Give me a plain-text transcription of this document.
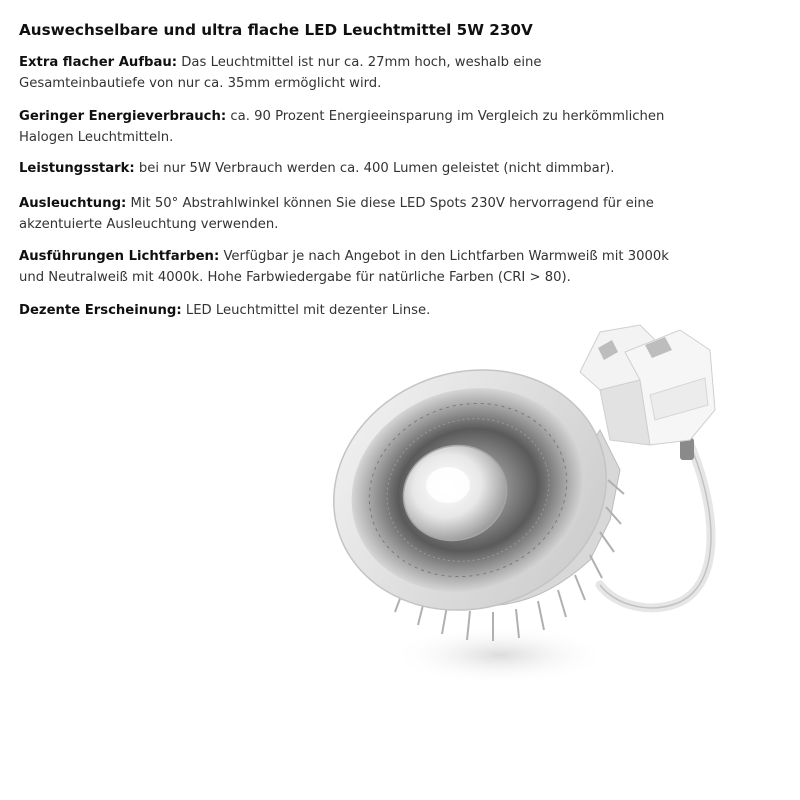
Auswechselbare und ultra flache LED Leuchtmittel 5W 230V
Extra flacher Aufbau: Das Leuchtmittel ist nur ca. 27mm hoch, weshalb eine Gesamteinbautiefe von nur ca. 35mm ermöglicht wird.
Geringer Energieverbrauch: ca. 90 Prozent Energieeinsparung im Vergleich zu herkömmlichen Halogen Leuchtmitteln.
Leistungsstark: bei nur 5W Verbrauch werden ca. 400 Lumen geleistet (nicht dimmbar).
Ausleuchtung: Mit 50° Abstrahlwinkel können Sie diese LED Spots 230V hervorragend für eine akzentuierte Ausleuchtung verwenden.
Ausführungen Lichtfarben: Verfügbar je nach Angebot in den Lichtfarben Warmweiß mit 3000k und Neutralweiß mit 4000k. Hohe Farbwiedergabe für natürliche Farben (CRI > 80).
Dezente Erscheinung: LED Leuchtmittel mit dezenter Linse.
